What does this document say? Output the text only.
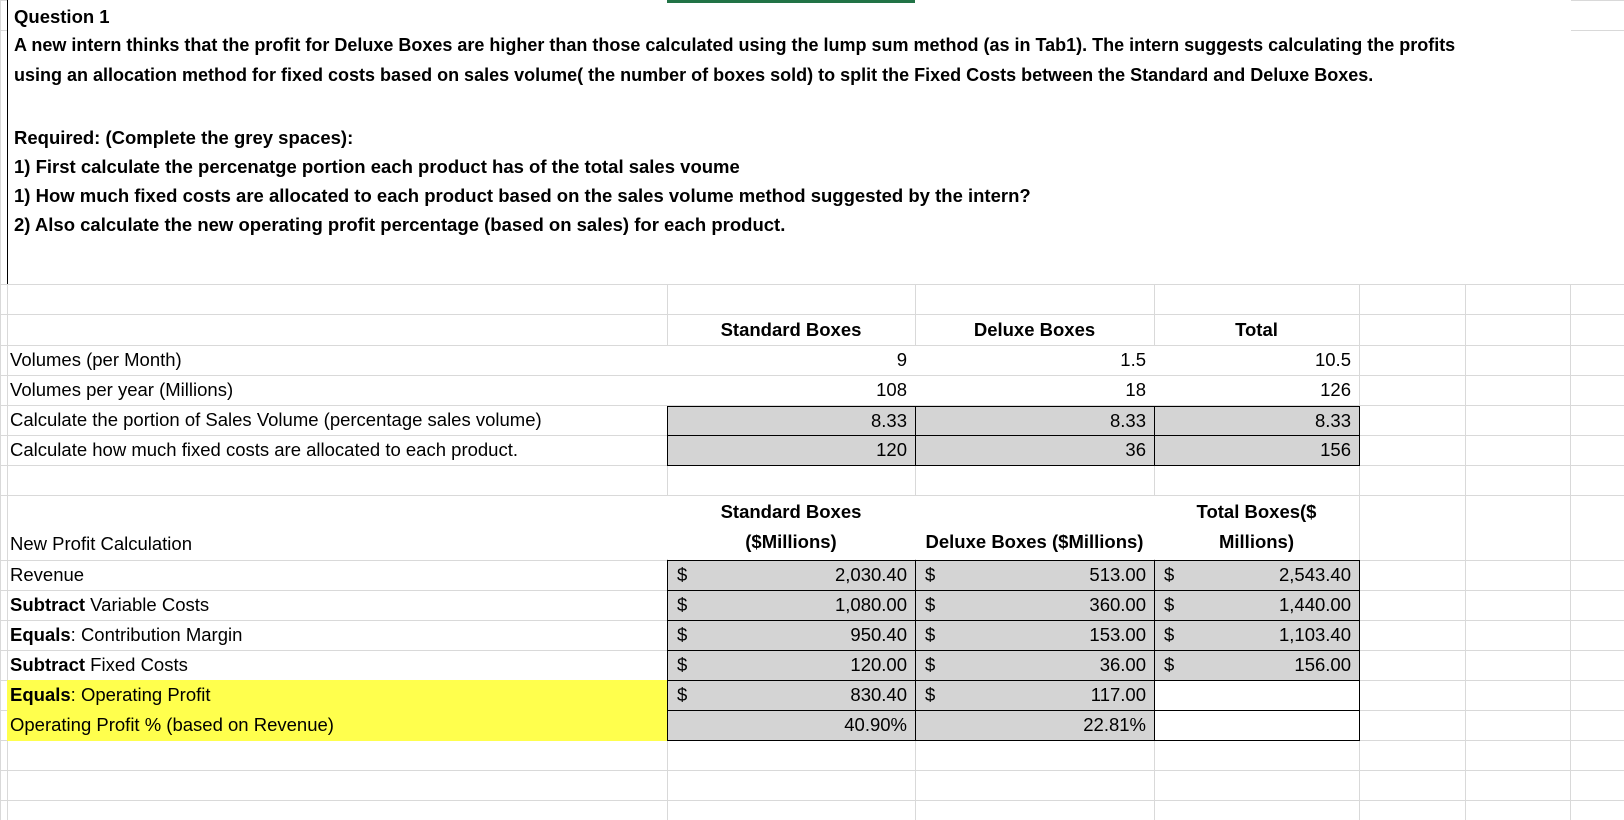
Question 1
A new intern thinks that the profit for Deluxe Boxes are higher than those calculated using the lump sum method (as in Tab1). The intern suggests calculating the profits
using an allocation method for fixed costs based on sales volume( the number of boxes sold) to split the Fixed Costs between the Standard and Deluxe Boxes.
Required: (Complete the grey spaces):
1) First calculate the percenatge portion each product has of the total sales voume
1) How much fixed costs are allocated to each product based on the sales volume method suggested by the intern?
2) Also calculate the new operating profit percentage (based on sales) for each product.
Standard Boxes	Deluxe Boxes	Total
Volumes (per Month)	9	1.5	10.5
Volumes per year (Millions)	108	18	126
Calculate the portion of Sales Volume (percentage sales volume)	8.33	8.33	8.33
Calculate how much fixed costs are allocated to each product.	120	36	156
Standard Boxes
($Millions)	Deluxe Boxes ($Millions)
Total Boxes($
Millions)
New Profit Calculation
Revenue	$	2,030.40 $	513.00 $	2,543.40
Subtract Variable Costs	$	1,080.00 $	360.00 $	1,440.00
Equals: Contribution Margin	$	950.40 $	153.00 $	1,103.40
Subtract Fixed Costs	$	120.00 $	36.00 $	156.00
Equals: Operating Profit	$	830.40 $	117.00
Operating Profit % (based on Revenue)	40.90%	22.81%
